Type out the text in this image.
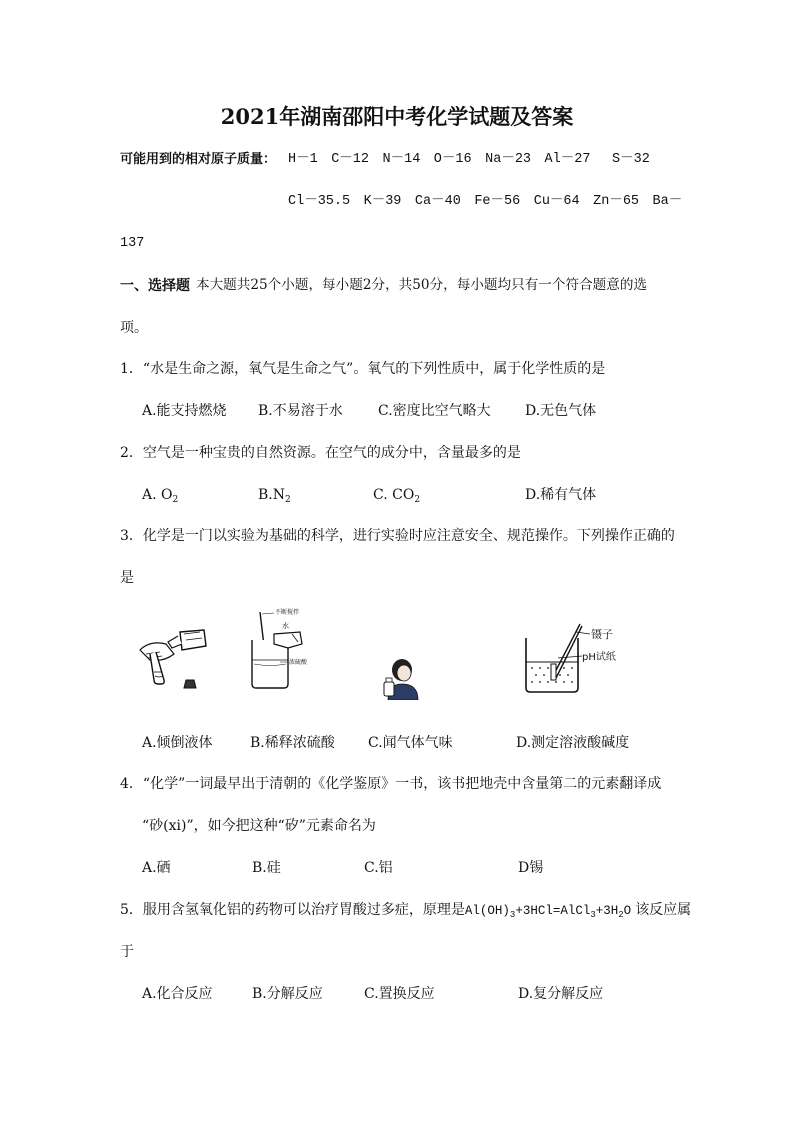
2021年湖南邵阳中考化学试题及答案
可能用到的相对原子质量： H－1　C－12　N－14　O－16　Na－23　Al－27　 S－32
Cl－35.5　K－39　Ca－40　Fe－56　Cu－64　Zn－65　Ba－
137
一、选择题 本大题共25个小题，每小题2分，共50分，每小题均只有一个符合题意的选
项。
1．“水是生命之源，氧气是生命之气”。氧气的下列性质中，属于化学性质的是
A.能支持燃烧 B.不易溶于水	C.密度比空气略大 D.无色气体
2．空气是一种宝贵的自然资源。在空气的成分中，含量最多的是
A. $O_2$	$B.N_2$	C. $CO_2$	D.稀有气体
3．化学是一门以实验为基础的科学，进行实验时应注意安全、规范操作。下列操作正确的
是
不断搅拌
水
浓硫酸
镊子
pH试纸
A.倾倒液体	B.稀释浓硫酸 C.闻气体气味	D.测定溶液酸碱度
4．“化学”一词最早出于清朝的《化学鉴原》一书，该书把地壳中含量第二的元素翻译成
“砂(xi)”，如今把这种“矽”元素命名为
A.硒	B.硅	C.铝	D锡
5．服用含氢氧化铝的药物可以治疗胃酸过多症，原理是$Al(OH)_3+3HCl=AlCl_3+3H_2O$ 该反应属
于
A.化合反应	B.分解反应	C.置换反应	D.复分解反应
